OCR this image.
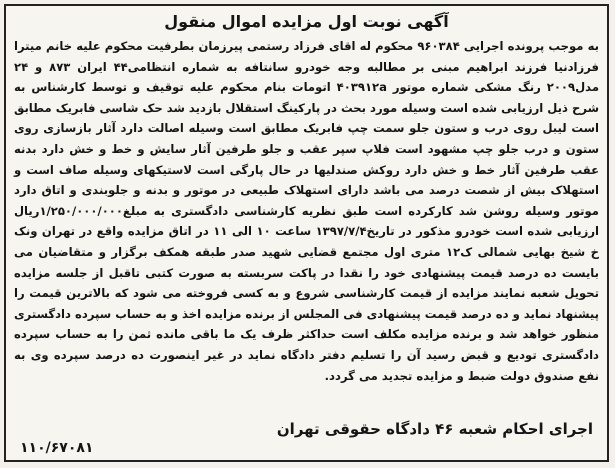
آگهی نوبت اول مزایده اموال منقول
به موجب پرونده اجرایی ۹۶۰۳۸۴ محکوم له اقای فرزاد رستمی پیرزمان بطرفیت محکوم علیه خانم میترا فرزادنیا فرزند ابراهیم مبنی بر مطالبه وجه خودرو سانتافه به شماره انتظامی۴۴ ایران ۸۷۳ و ۲۴ مدل۲۰۰۹ رنگ مشکی شماره موتور ۴۰۳۹۱۲a اتومات بنام محکوم علیه توقیف و توسط کارشناس به شرح ذیل ارزیابی شده است وسیله مورد بحث در پارکینگ استقلال بازدید شد حک شاسی فابریک مطابق است لیبل روی درب و ستون جلو سمت چپ فابریک مطابق است وسیله اصالت دارد آثار بازسازی روی ستون و درب جلو چپ مشهود است فلاپ سپر عقب و جلو طرفین آثار سایش و خط و خش دارد بدنه عقب طرفین آثار خط و خش دارد روکش صندلیها در حال پارگی است لاستیکهای وسیله صاف است و استهلاک بیش از شصت درصد می باشد دارای استهلاک طبیعی در موتور و بدنه و جلوبندی و اتاق دارد موتور وسیله روشن شد کارکرده است طبق نظریه کارشناسی دادگستری به مبلغ۱/۲۵۰/۰۰۰/۰۰۰ریال ارزیابی شده است خودرو مذکور در تاریخ۱۳۹۷/۷/۴ ساعت ۱۰ الی ۱۱ در اتاق مزایده واقع در تهران ونک خ شیخ بهایی شمالی ک۱۲ متری اول مجتمع قضایی شهید صدر طبقه همکف برگزار و متقاضیان می بایست ده درصد قیمت پیشنهادی خود را نقدا در پاکت سربسته به صورت کتبی تاقبل از جلسه مزایده تحویل شعبه نمایند مزایده از قیمت کارشناسی شروع و به کسی فروخته می شود که بالاترین قیمت را پیشنهاد نماید و ده درصد قیمت پیشنهادی فی المجلس از برنده مزایده اخذ و به حساب سپرده دادگستری منظور خواهد شد و برنده مزایده مکلف است حداکثر ظرف یک ما باقی مانده ثمن را به حساب سپرده دادگستری تودیع و قبض رسید آن را تسلیم دفتر دادگاه نماید در غیر اینصورت ده درصد سپرده وی به نفع صندوق دولت ضبط و مزایده تجدید می گردد.
اجرای احکام شعبه ۴۶ دادگاه حقوقی تهران
۱۱۰/۶۷۰۸۱
